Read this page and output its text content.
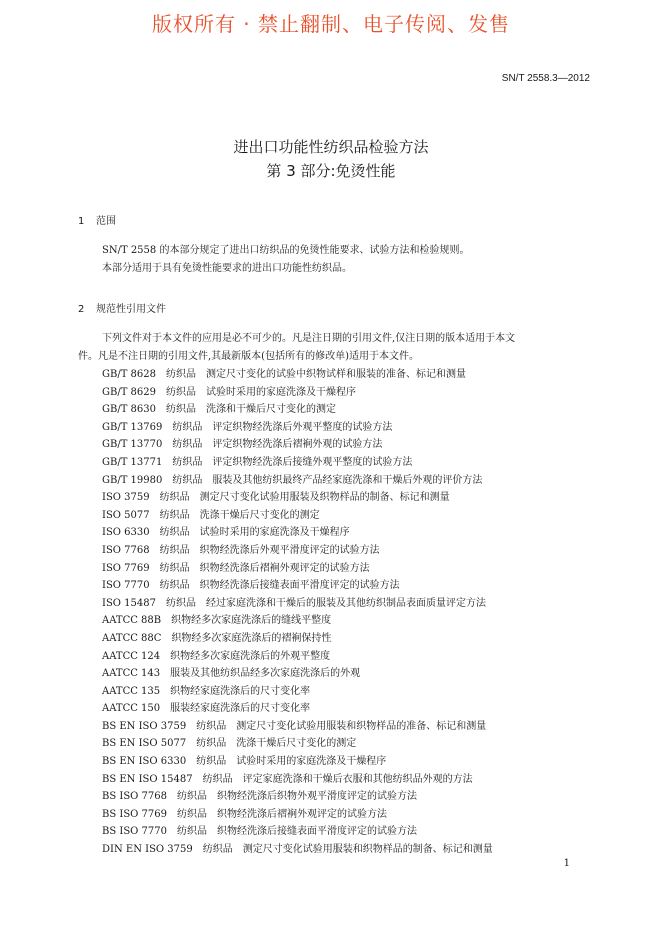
版权所有 · 禁止翻制、电子传阅、发售
SN/T 2558.3—2012
进出口功能性纺织品检验方法
第 3 部分:免烫性能
1 范围
SN/T 2558 的本部分规定了进出口纺织品的免烫性能要求、试验方法和检验规则。
本部分适用于具有免烫性能要求的进出口功能性纺织品。
2 规范性引用文件
下列文件对于本文件的应用是必不可少的。凡是注日期的引用文件,仅注日期的版本适用于本文
件。凡是不注日期的引用文件,其最新版本(包括所有的修改单)适用于本文件。
GB/T 8628 纺织品 测定尺寸变化的试验中织物试样和服装的准备、标记和测量
GB/T 8629 纺织品 试验时采用的家庭洗涤及干燥程序
GB/T 8630 纺织品 洗涤和干燥后尺寸变化的测定
GB/T 13769 纺织品 评定织物经洗涤后外观平整度的试验方法
GB/T 13770 纺织品 评定织物经洗涤后褶裥外观的试验方法
GB/T 13771 纺织品 评定织物经洗涤后接缝外观平整度的试验方法
GB/T 19980 纺织品 服装及其他纺织最终产品经家庭洗涤和干燥后外观的评价方法
ISO 3759 纺织品 测定尺寸变化试验用服装及织物样品的制备、标记和测量
ISO 5077 纺织品 洗涤干燥后尺寸变化的测定
ISO 6330 纺织品 试验时采用的家庭洗涤及干燥程序
ISO 7768 纺织品 织物经洗涤后外观平滑度评定的试验方法
ISO 7769 纺织品 织物经洗涤后褶裥外观评定的试验方法
ISO 7770 纺织品 织物经洗涤后接缝表面平滑度评定的试验方法
ISO 15487 纺织品 经过家庭洗涤和干燥后的服装及其他纺织制品表面质量评定方法
AATCC 88B 织物经多次家庭洗涤后的缝线平整度
AATCC 88C 织物经多次家庭洗涤后的褶裥保持性
AATCC 124 织物经多次家庭洗涤后的外观平整度
AATCC 143 服装及其他纺织品经多次家庭洗涤后的外观
AATCC 135 织物经家庭洗涤后的尺寸变化率
AATCC 150 服装经家庭洗涤后的尺寸变化率
BS EN ISO 3759 纺织品 测定尺寸变化试验用服装和织物样品的准备、标记和测量
BS EN ISO 5077 纺织品 洗涤干燥后尺寸变化的测定
BS EN ISO 6330 纺织品 试验时采用的家庭洗涤及干燥程序
BS EN ISO 15487 纺织品 评定家庭洗涤和干燥后衣服和其他纺织品外观的方法
BS ISO 7768 纺织品 织物经洗涤后织物外观平滑度评定的试验方法
BS ISO 7769 纺织品 织物经洗涤后褶裥外观评定的试验方法
BS ISO 7770 纺织品 织物经洗涤后接缝表面平滑度评定的试验方法
DIN EN ISO 3759 纺织品 测定尺寸变化试验用服装和织物样品的制备、标记和测量
1
